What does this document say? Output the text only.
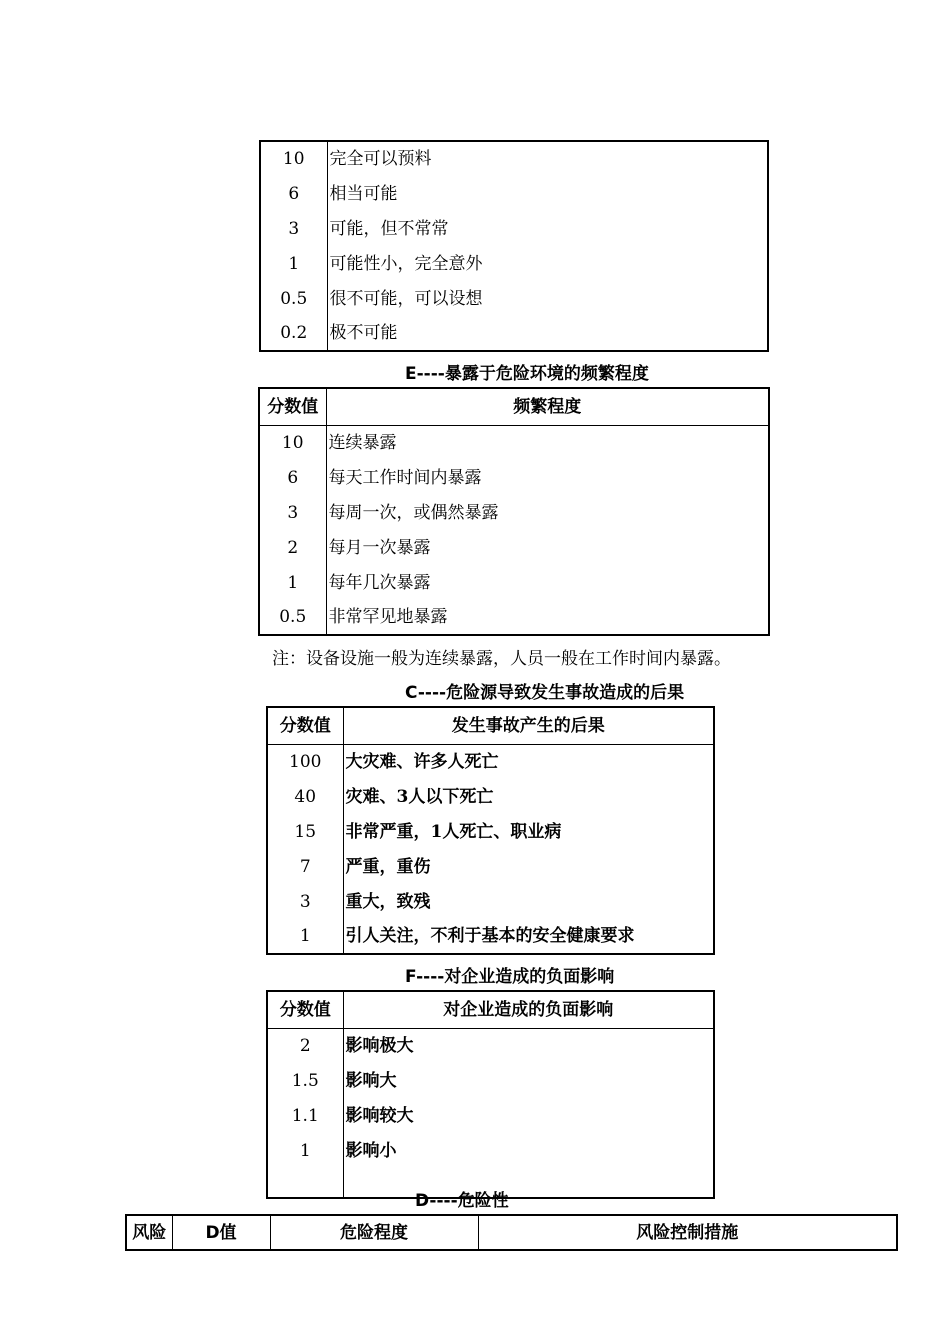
10	完全可以预料
6	相当可能
3	可能，但不常常
1	可能性小，完全意外
0.5	很不可能，可以设想
0.2	极不可能
E----暴露于危险环境的频繁程度
分数值	频繁程度
10	连续暴露
6	每天工作时间内暴露
3	每周一次，或偶然暴露
2	每月一次暴露
1	每年几次暴露
0.5	非常罕见地暴露
注：设备设施一般为连续暴露，人员一般在工作时间内暴露。
C----危险源导致发生事故造成的后果
分数值	发生事故产生的后果
100	大灾难、许多人死亡
40	灾难、3人以下死亡
15	非常严重，1人死亡、职业病
7	严重，重伤
3	重大，致残
1	引人关注，不利于基本的安全健康要求
F----对企业造成的负面影响
分数值	对企业造成的负面影响
2	影响极大
1.5	影响大
1.1	影响较大
1	影响小

D----危险性
风险	D值	危险程度	风险控制措施
